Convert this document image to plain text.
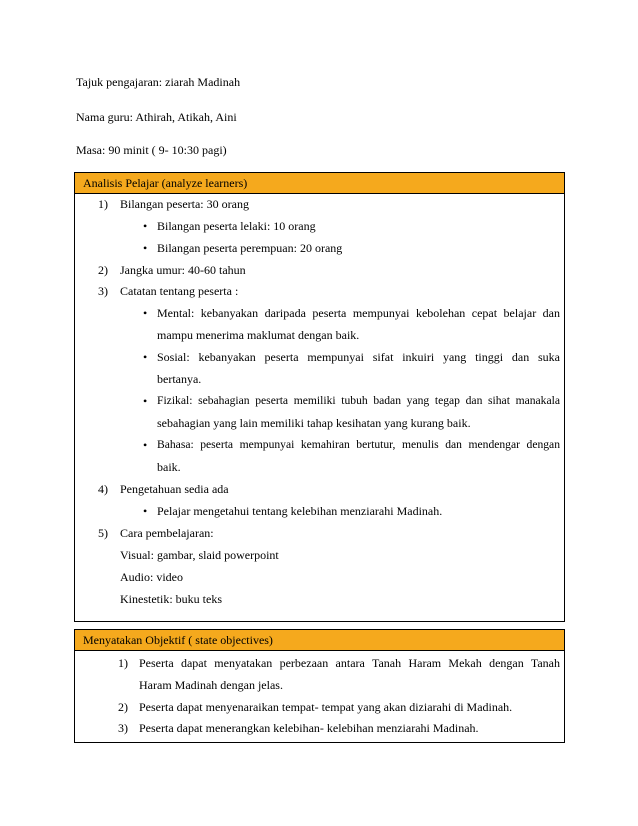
Tajuk pengajaran: ziarah Madinah
Nama guru: Athirah, Atikah, Aini
Masa: 90 minit ( 9- 10:30 pagi)
Analisis Pelajar (analyze learners)
1) Bilangan peserta: 30 orang
• Bilangan peserta lelaki: 10 orang
• Bilangan peserta perempuan: 20 orang
2) Jangka umur: 40-60 tahun
3) Catatan tentang peserta :
• Mental: kebanyakan daripada peserta mempunyai kebolehan cepat belajar dan
mampu menerima maklumat dengan baik.
• Sosial: kebanyakan peserta mempunyai sifat inkuiri yang tinggi dan suka
bertanya.
• Fizikal: sebahagian peserta memiliki tubuh badan yang tegap dan sihat manakala
sebahagian yang lain memiliki tahap kesihatan yang kurang baik.
• Bahasa: peserta mempunyai kemahiran bertutur, menulis dan mendengar dengan
baik.
4) Pengetahuan sedia ada
• Pelajar mengetahui tentang kelebihan menziarahi Madinah.
5) Cara pembelajaran:
Visual: gambar, slaid powerpoint
Audio: video
Kinestetik: buku teks
Menyatakan Objektif ( state objectives)
1) Peserta dapat menyatakan perbezaan antara Tanah Haram Mekah dengan Tanah
Haram Madinah dengan jelas.
2) Peserta dapat menyenaraikan tempat- tempat yang akan diziarahi di Madinah.
3) Peserta dapat menerangkan kelebihan- kelebihan menziarahi Madinah.
